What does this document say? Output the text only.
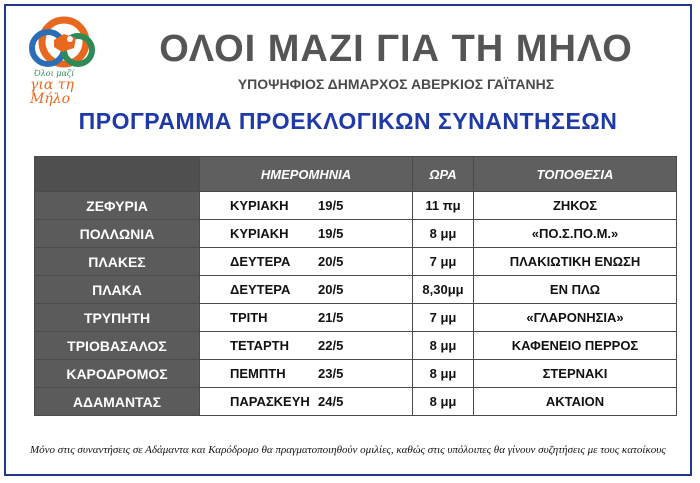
Όλοι μαζί
για τη Μήλο
ΟΛΟΙ ΜΑΖΙ ΓΙΑ ΤΗ ΜΗΛΟ
ΥΠΟΨΗΦΙΟΣ ΔΗΜΑΡΧΟΣ ΑΒΕΡΚΙΟΣ ΓΑΪΤΑΝΗΣ
ΠΡΟΓΡΑΜΜΑ ΠΡΟΕΚΛΟΓΙΚΩΝ ΣΥΝΑΝΤΗΣΕΩΝ
	ΗΜΕΡΟΜΗΝΙΑ	ΩΡΑ	ΤΟΠΟΘΕΣΙΑ
ΖΕΦΥΡΙΑ	ΚΥΡΙΑΚΗ 19/5	11 πμ	ΖΗΚΟΣ
ΠΟΛΛΩΝΙΑ	ΚΥΡΙΑΚΗ 19/5	8 μμ	«ΠΟ.Σ.ΠΟ.Μ.»
ΠΛΑΚΕΣ	ΔΕΥΤΕΡΑ 20/5	7 μμ	ΠΛΑΚΙΩΤΙΚΗ ΕΝΩΣΗ
ΠΛΑΚΑ	ΔΕΥΤΕΡΑ 20/5	8,30μμ	ΕΝ ΠΛΩ
ΤΡΥΠΗΤΗ	ΤΡΙΤΗ 21/5	7 μμ	«ΓΛΑΡΟΝΗΣΙΑ»
ΤΡΙΟΒΑΣΑΛΟΣ	ΤΕΤΑΡΤΗ 22/5	8 μμ	ΚΑΦΕΝΕΙΟ ΠΕΡΡΟΣ
ΚΑΡΟΔΡΟΜΟΣ	ΠΕΜΠΤΗ 23/5	8 μμ	ΣΤΕΡΝΑΚΙ
ΑΔΑΜΑΝΤΑΣ	ΠΑΡΑΣΚΕΥΗ 24/5	8 μμ	ΑΚΤΑΙΟΝ

Μόνο στις συναντήσεις σε Αδάμαντα και Καρόδρομο θα πραγματοποιηθούν ομιλίες, καθώς στις υπόλοιπες θα γίνουν συζητήσεις με τους κατοίκους
